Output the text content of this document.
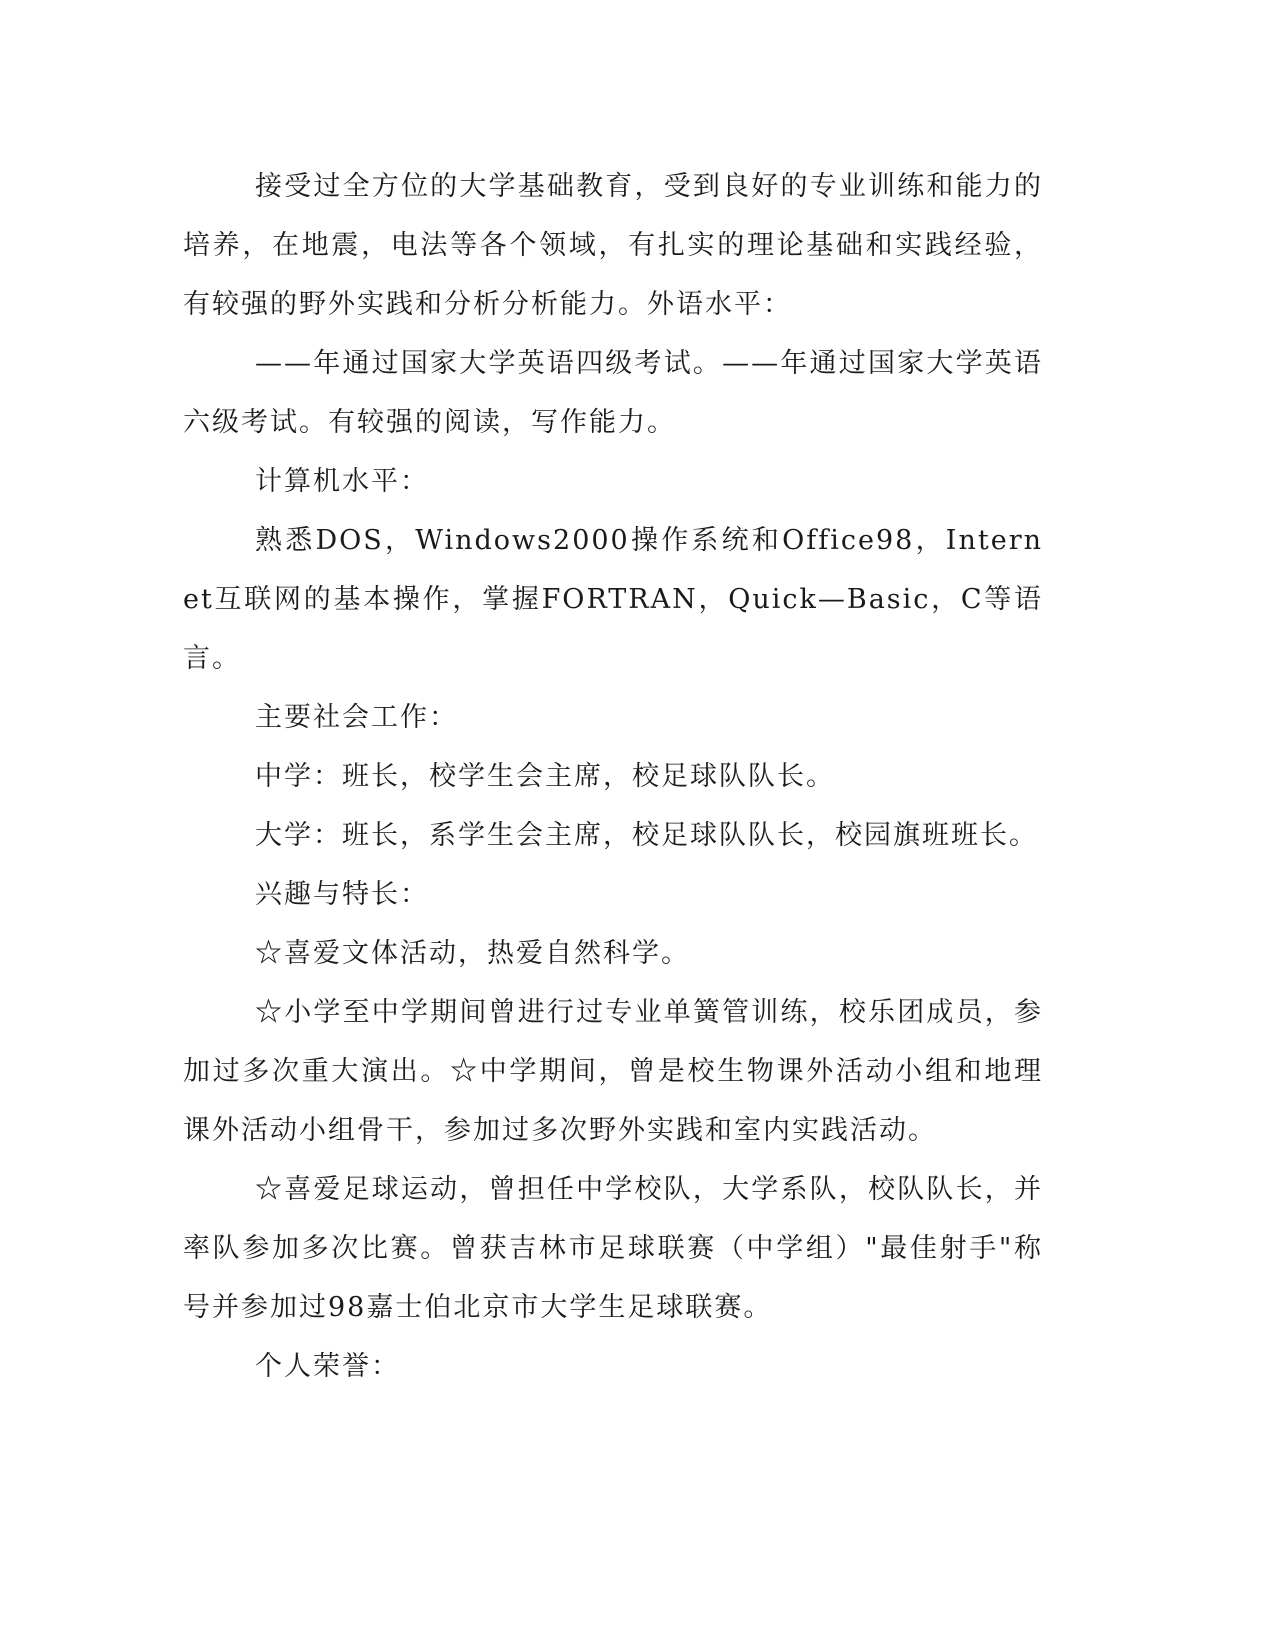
接受过全方位的大学基础教育，受到良好的专业训练和能力的培养，在地震，电法等各个领域，有扎实的理论基础和实践经验，有较强的野外实践和分析分析能力。外语水平：

——年通过国家大学英语四级考试。——年通过国家大学英语六级考试。有较强的阅读，写作能力。

计算机水平：

熟悉DOS，Windows2000操作系统和Office98，Internet互联网的基本操作，掌握FORTRAN，Quick—Basic，C等语言。

主要社会工作：

中学：班长，校学生会主席，校足球队队长。

大学：班长，系学生会主席，校足球队队长，校园旗班班长。

兴趣与特长：

☆喜爱文体活动，热爱自然科学。

☆小学至中学期间曾进行过专业单簧管训练，校乐团成员，参加过多次重大演出。☆中学期间，曾是校生物课外活动小组和地理课外活动小组骨干，参加过多次野外实践和室内实践活动。

☆喜爱足球运动，曾担任中学校队，大学系队，校队队长，并率队参加多次比赛。曾获吉林市足球联赛（中学组）"最佳射手"称号并参加过98嘉士伯北京市大学生足球联赛。

个人荣誉：
